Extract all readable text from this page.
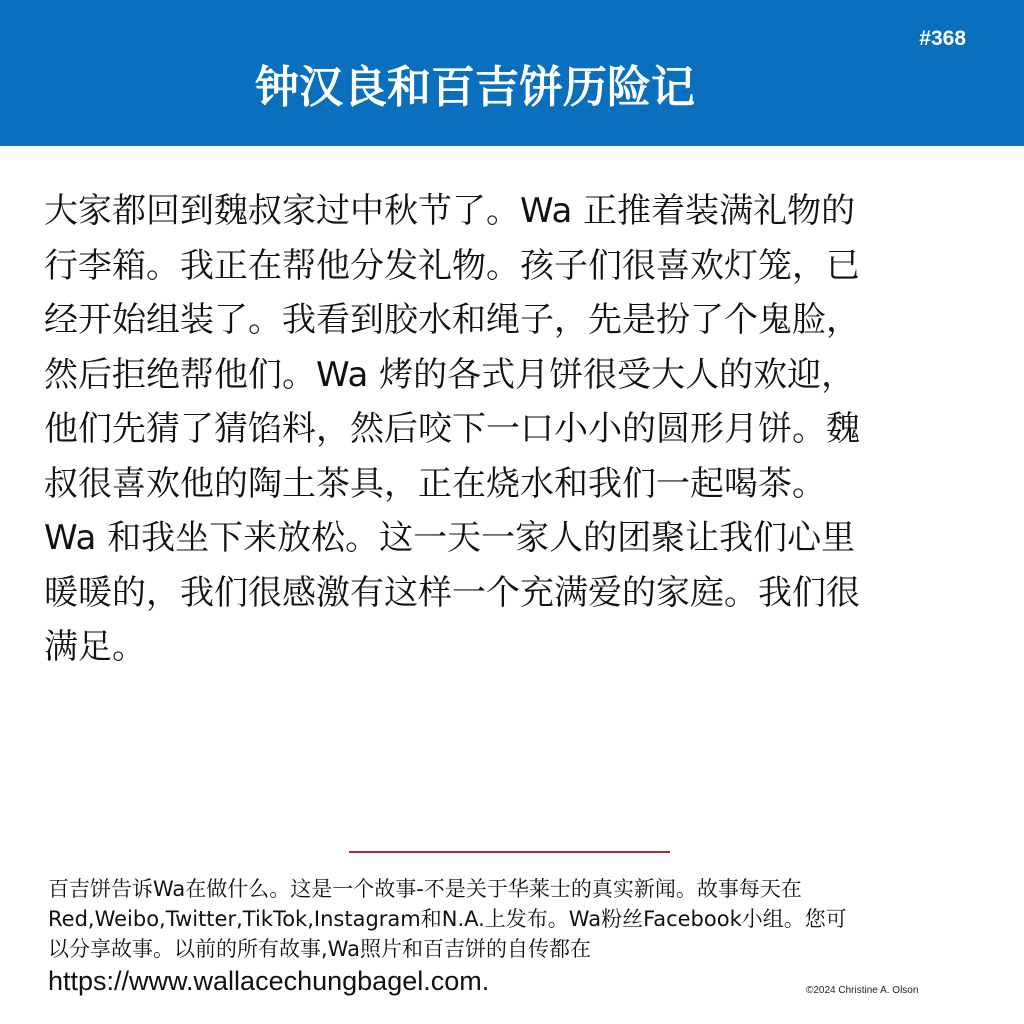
#368
钟汉良和百吉饼历险记
大家都回到魏叔家过中秋节了。Wa 正推着装满礼物的
行李箱。我正在帮他分发礼物。孩子们很喜欢灯笼，已
经开始组装了。我看到胶水和绳子，先是扮了个鬼脸，
然后拒绝帮他们。Wa 烤的各式月饼很受大人的欢迎，
他们先猜了猜馅料，然后咬下一口小小的圆形月饼。魏
叔很喜欢他的陶土茶具，正在烧水和我们一起喝茶。
Wa 和我坐下来放松。这一天一家人的团聚让我们心里
暖暖的，我们很感激有这样一个充满爱的家庭。我们很
满足。
百吉饼告诉Wa在做什么。这是一个故事-不是关于华莱士的真实新闻。故事每天在
Red,Weibo,Twitter,TikTok,Instagram和N.A.上发布。Wa粉丝Facebook小组。您可
以分享故事。以前的所有故事,Wa照片和百吉饼的自传都在
https://www.wallacechungbagel.com.	©2024 Christine A. Olson
